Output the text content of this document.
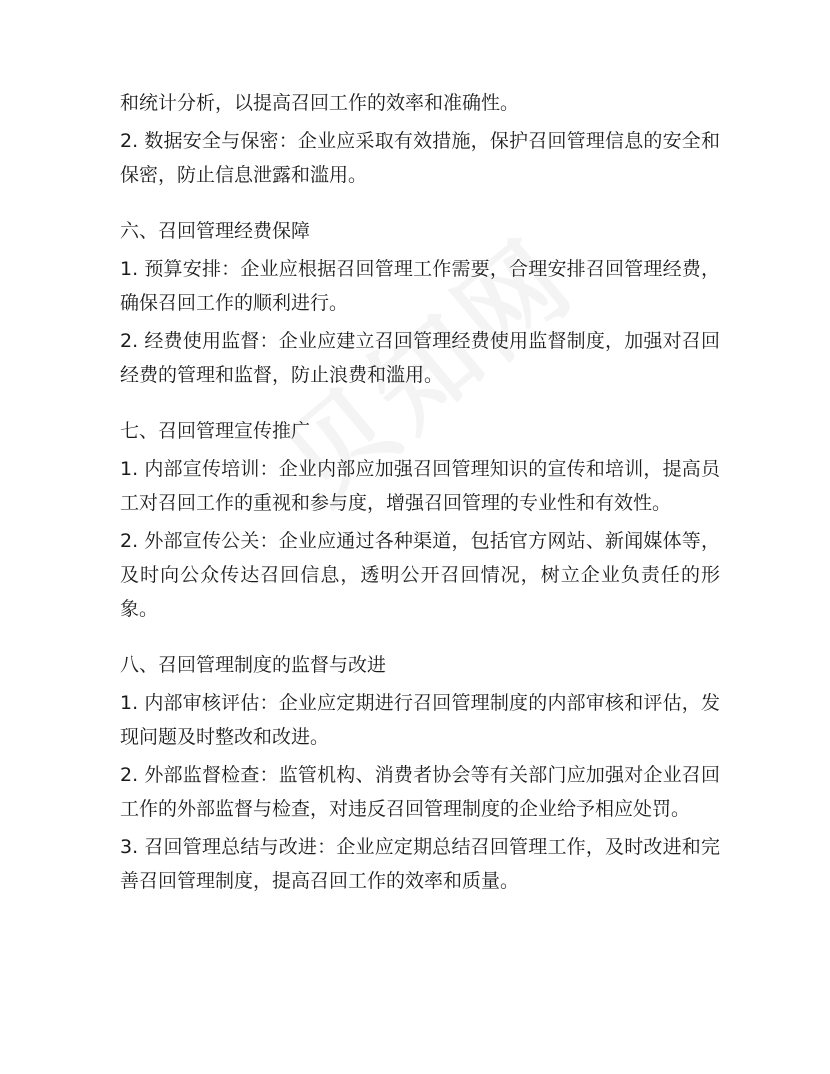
和统计分析，以提高召回工作的效率和准确性。

2. 数据安全与保密：企业应采取有效措施，保护召回管理信息的安全和保密，防止信息泄露和滥用。

六、召回管理经费保障

1. 预算安排：企业应根据召回管理工作需要，合理安排召回管理经费，确保召回工作的顺利进行。

2. 经费使用监督：企业应建立召回管理经费使用监督制度，加强对召回经费的管理和监督，防止浪费和滥用。

七、召回管理宣传推广

1. 内部宣传培训：企业内部应加强召回管理知识的宣传和培训，提高员工对召回工作的重视和参与度，增强召回管理的专业性和有效性。

2. 外部宣传公关：企业应通过各种渠道，包括官方网站、新闻媒体等，及时向公众传达召回信息，透明公开召回情况，树立企业负责任的形象。

八、召回管理制度的监督与改进

1. 内部审核评估：企业应定期进行召回管理制度的内部审核和评估，发现问题及时整改和改进。

2. 外部监督检查：监管机构、消费者协会等有关部门应加强对企业召回工作的外部监督与检查，对违反召回管理制度的企业给予相应处罚。

3. 召回管理总结与改进：企业应定期总结召回管理工作，及时改进和完善召回管理制度，提高召回工作的效率和质量。
